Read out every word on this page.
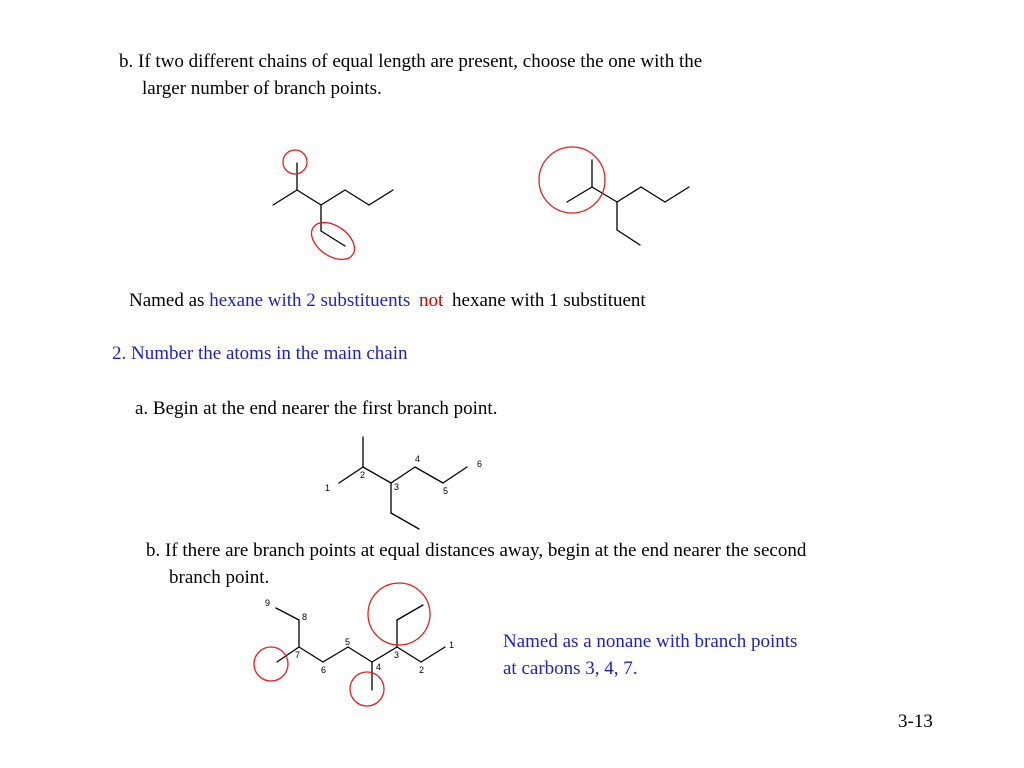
b. If two different chains of equal length are present, choose the one with the
larger number of branch points.
Named as hexane with 2 substituents not hexane with 1 substituent
2. Number the atoms in the main chain
a. Begin at the end nearer the first branch point.
b. If there are branch points at equal distances away, begin at the end nearer the second
branch point.
Named as a nonane with branch points
at carbons 3, 4, 7.
3-13
1
2
3
4
5
6
9
8
7
6
5
4
3
2
1
